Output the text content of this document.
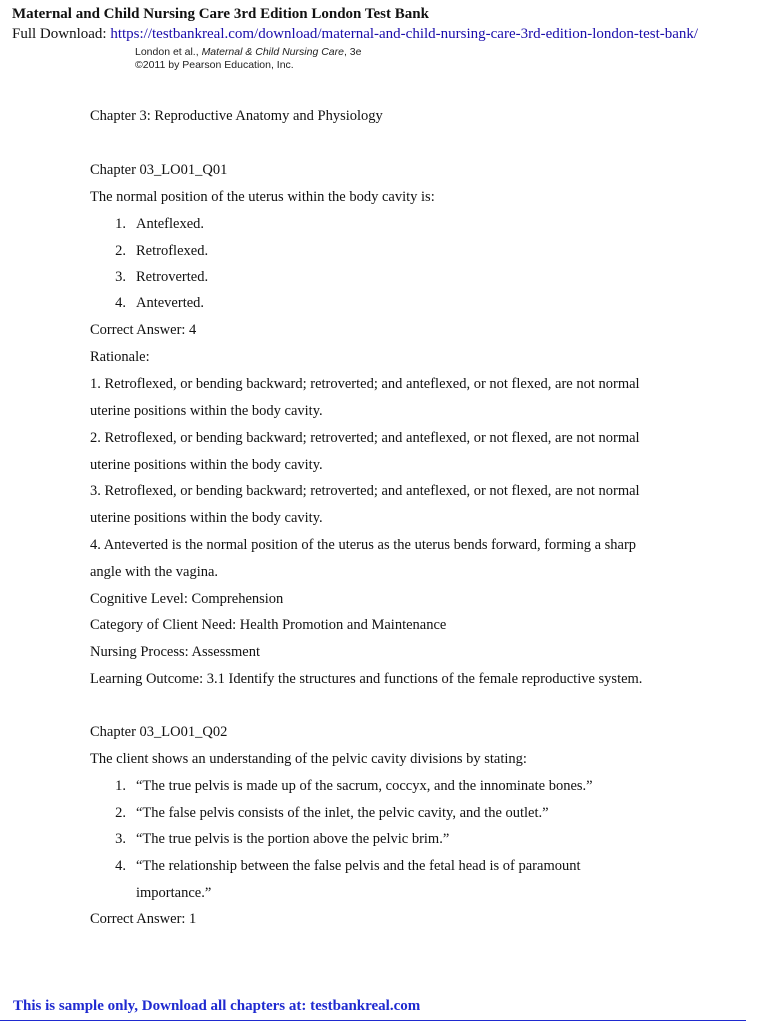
Maternal and Child Nursing Care 3rd Edition London Test Bank
Full Download: https://testbankreal.com/download/maternal-and-child-nursing-care-3rd-edition-london-test-bank/
London et al., Maternal & Child Nursing Care, 3e
©2011 by Pearson Education, Inc.
Chapter 3: Reproductive Anatomy and Physiology
Chapter 03_LO01_Q01
The normal position of the uterus within the body cavity is:
1. Anteflexed.
2. Retroflexed.
3. Retroverted.
4. Anteverted.
Correct Answer: 4
Rationale:
1. Retroflexed, or bending backward; retroverted; and anteflexed, or not flexed, are not normal
uterine positions within the body cavity.
2. Retroflexed, or bending backward; retroverted; and anteflexed, or not flexed, are not normal
uterine positions within the body cavity.
3. Retroflexed, or bending backward; retroverted; and anteflexed, or not flexed, are not normal
uterine positions within the body cavity.
4. Anteverted is the normal position of the uterus as the uterus bends forward, forming a sharp
angle with the vagina.
Cognitive Level: Comprehension
Category of Client Need: Health Promotion and Maintenance
Nursing Process: Assessment
Learning Outcome: 3.1 Identify the structures and functions of the female reproductive system.
Chapter 03_LO01_Q02
The client shows an understanding of the pelvic cavity divisions by stating:
1. “The true pelvis is made up of the sacrum, coccyx, and the innominate bones.”
2. “The false pelvis consists of the inlet, the pelvic cavity, and the outlet.”
3. “The true pelvis is the portion above the pelvic brim.”
4. “The relationship between the false pelvis and the fetal head is of paramount
importance.”
Correct Answer: 1
This is sample only, Download all chapters at: testbankreal.com
